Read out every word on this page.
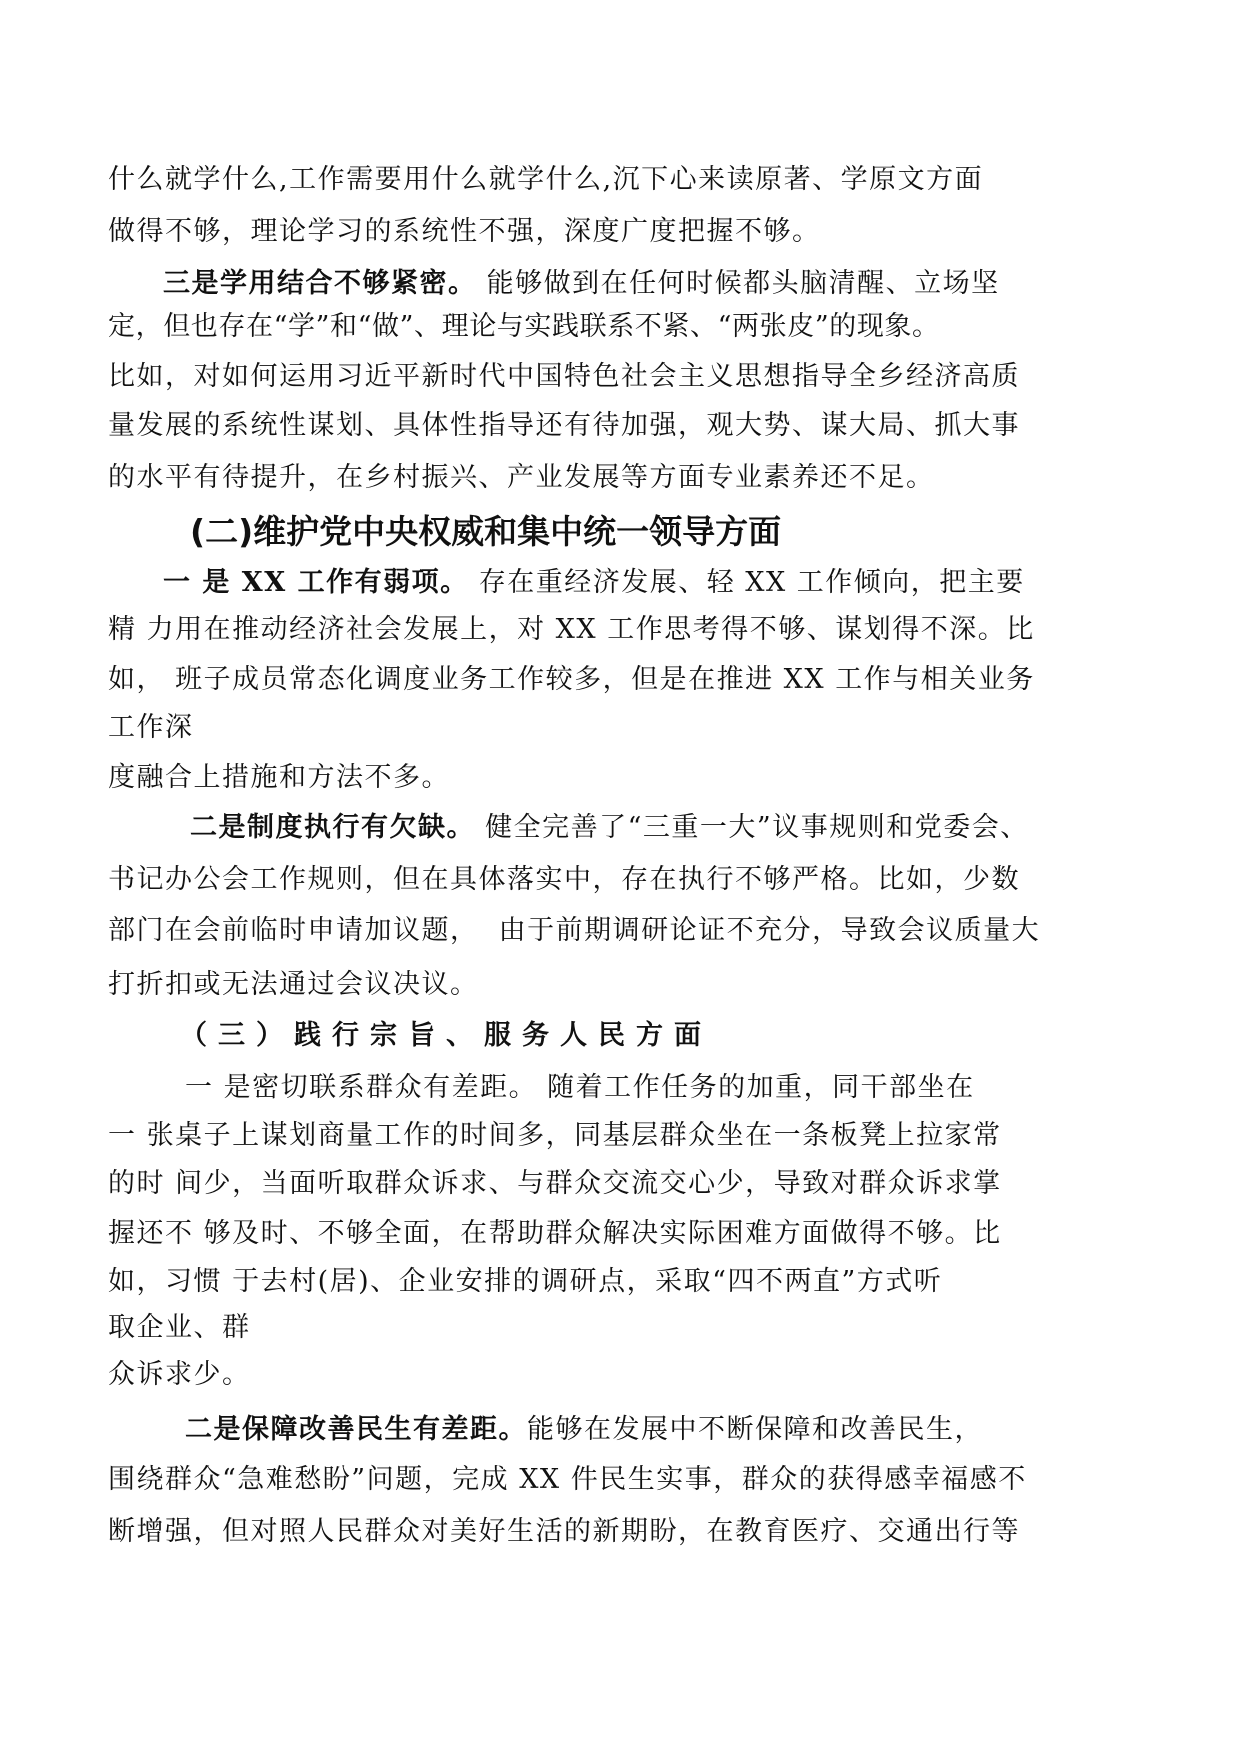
什么就学什么,工作需要用什么就学什么,沉下心来读原著、学原文方面
做得不够，理论学习的系统性不强，深度广度把握不够。
三是学用结合不够紧密。 能够做到在任何时候都头脑清醒、立场坚
定，但也存在“学”和“做”、理论与实践联系不紧、“两张皮”的现象。
比如，对如何运用习近平新时代中国特色社会主义思想指导全乡经济高质
量发展的系统性谋划、具体性指导还有待加强，观大势、谋大局、抓大事
的水平有待提升，在乡村振兴、产业发展等方面专业素养还不足。
(二)维护党中央权威和集中统一领导方面
一 是 XX 工作有弱项。 存在重经济发展、轻 XX 工作倾向，把主要
精 力用在推动经济社会发展上，对 XX 工作思考得不够、谋划得不深。比
如， 班子成员常态化调度业务工作较多，但是在推进 XX 工作与相关业务
工作深
度融合上措施和方法不多。
二是制度执行有欠缺。 健全完善了“三重一大”议事规则和党委会、
书记办公会工作规则，但在具体落实中，存在执行不够严格。比如，少数
部门在会前临时申请加议题，  由于前期调研论证不充分，导致会议质量大
打折扣或无法通过会议决议。
（三）践行宗旨、服务人民方面
一 是密切联系群众有差距。 随着工作任务的加重，同干部坐在
一 张桌子上谋划商量工作的时间多，同基层群众坐在一条板凳上拉家常
的时 间少，当面听取群众诉求、与群众交流交心少，导致对群众诉求掌
握还不 够及时、不够全面，在帮助群众解决实际困难方面做得不够。比
如，习惯 于去村(居)、企业安排的调研点，采取“四不两直”方式听
取企业、群
众诉求少。
二是保障改善民生有差距。能够在发展中不断保障和改善民生，
围绕群众“急难愁盼”问题，完成 XX 件民生实事，群众的获得感幸福感不
断增强，但对照人民群众对美好生活的新期盼，在教育医疗、交通出行等
